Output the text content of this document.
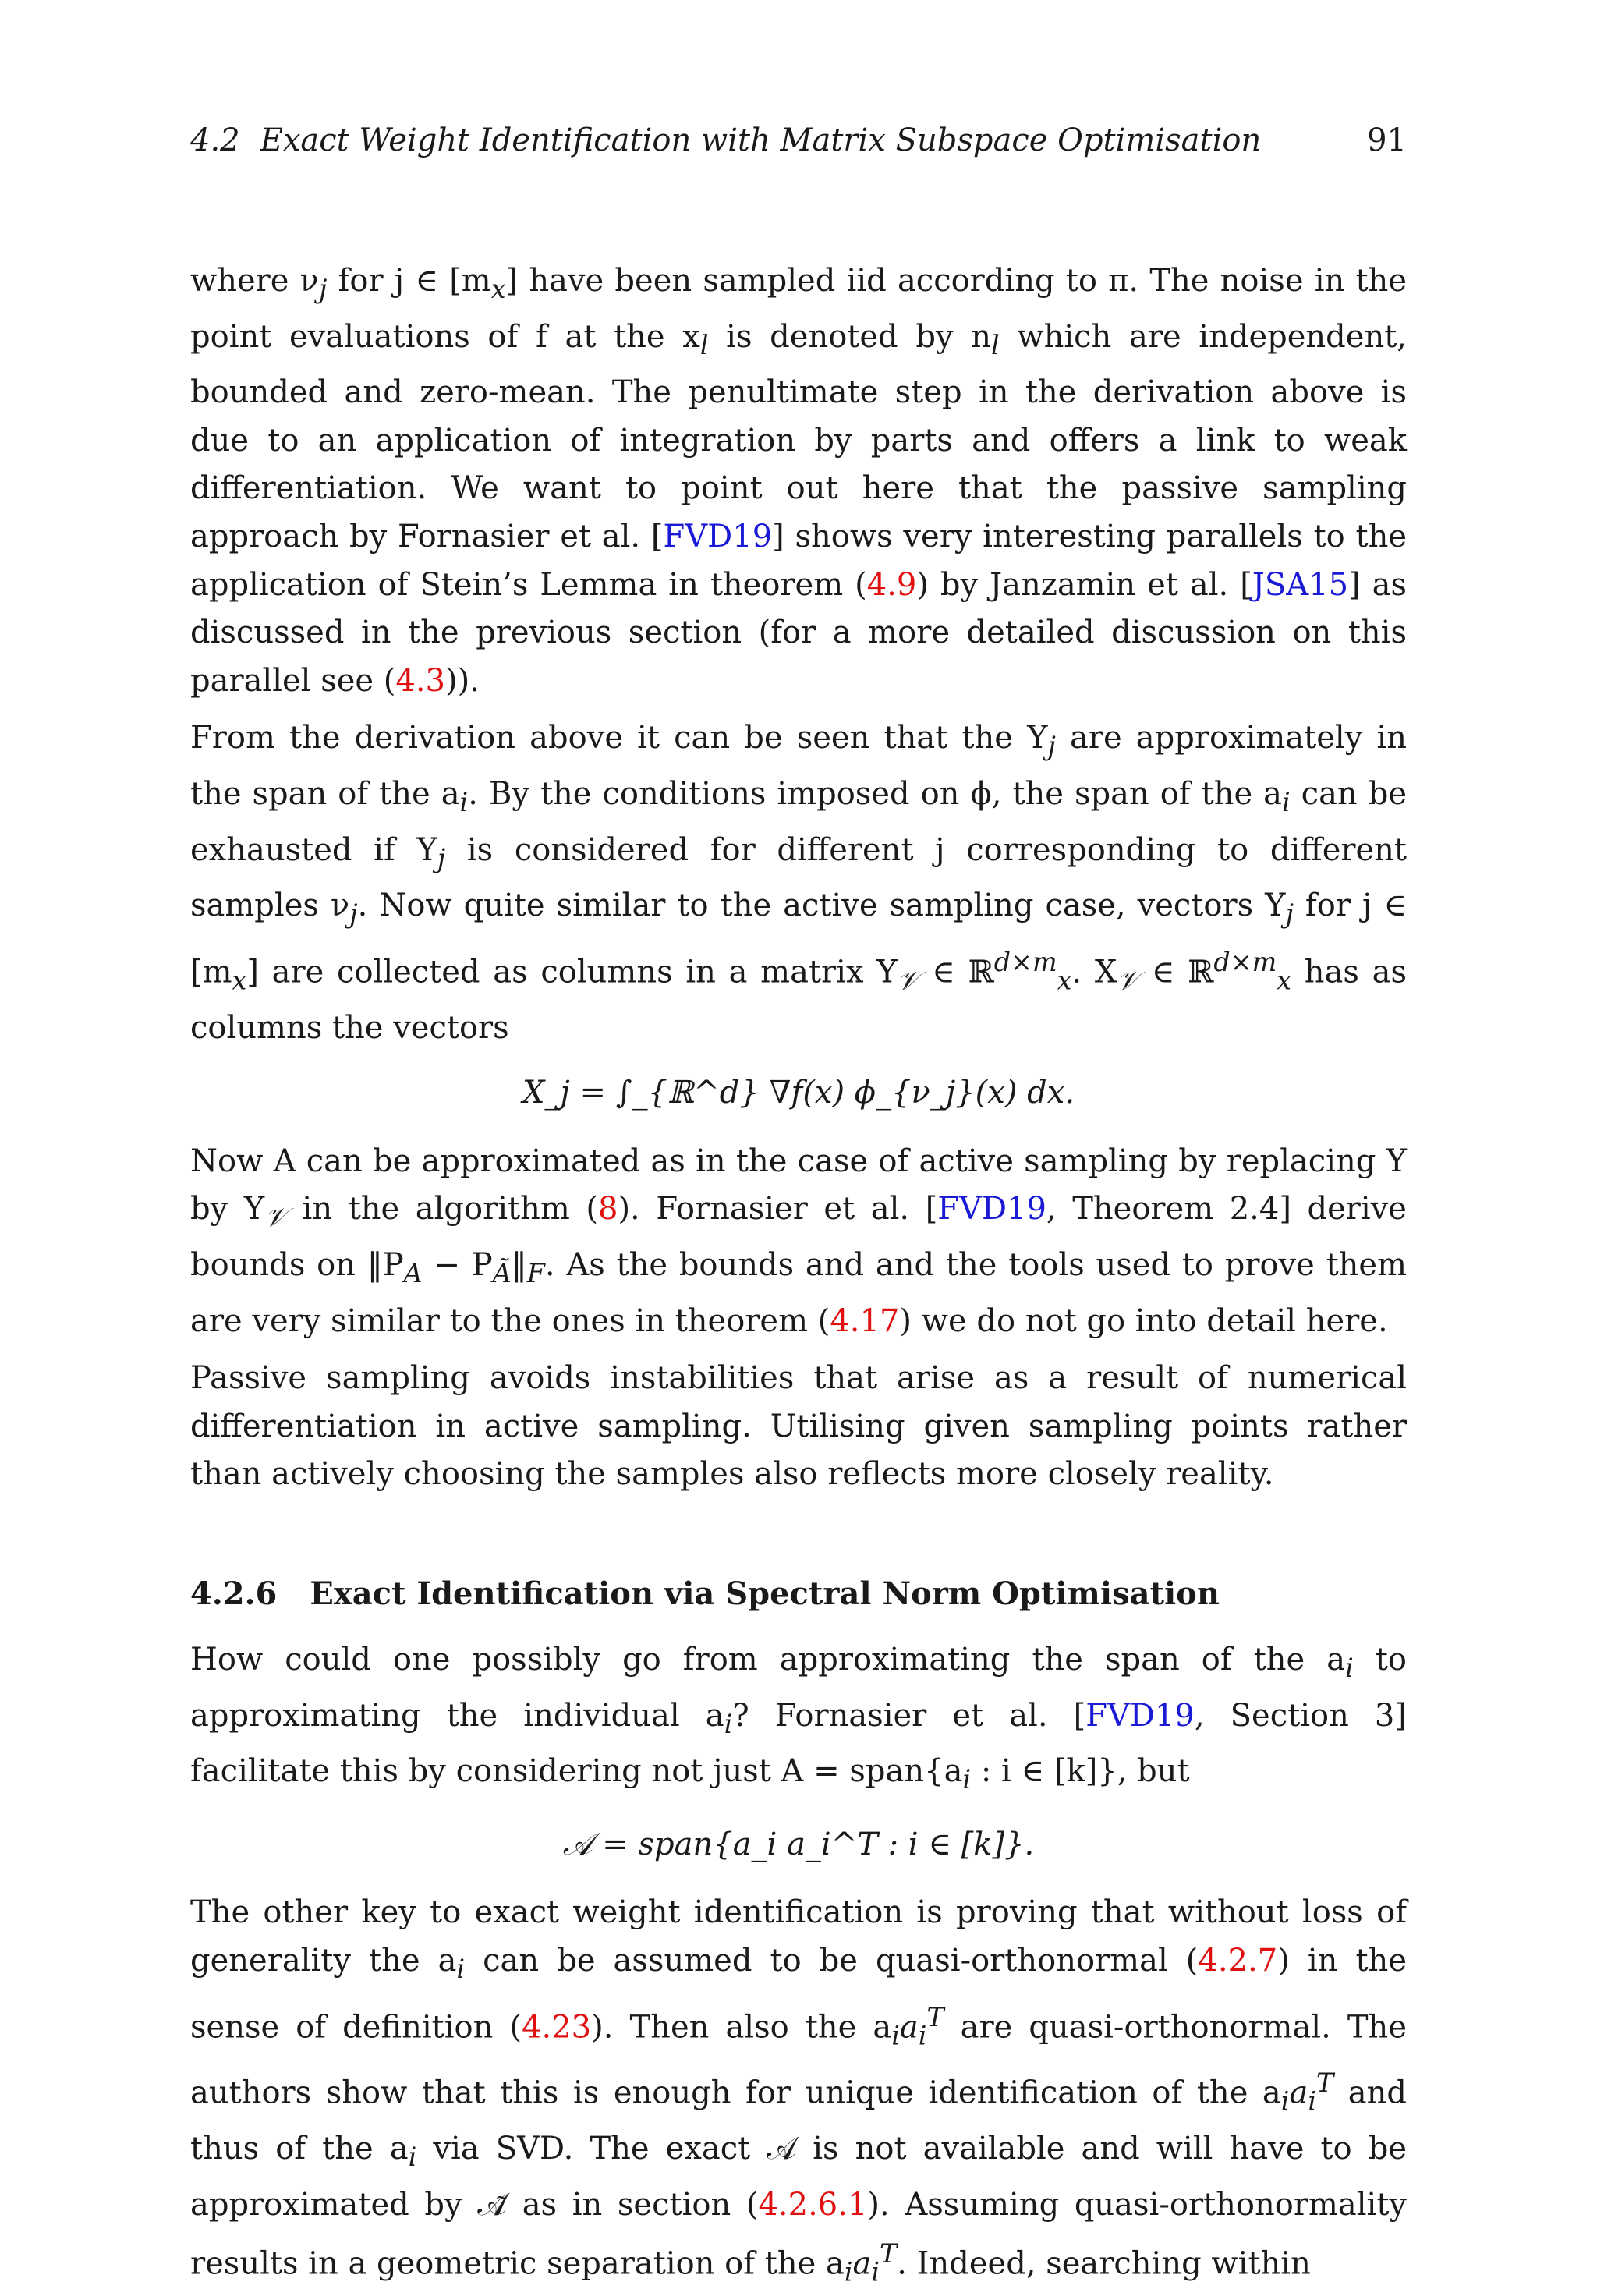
4.2 Exact Weight Identification with Matrix Subspace Optimisation	91

where $\nu_j$ for j ∈ $[m_x]$ have been sampled iid according to π. The noise in the point evaluations of f at the $x_l$ is denoted by $n_l$ which are independent, bounded and zero-mean. The penultimate step in the derivation above is due to an application of integration by parts and offers a link to weak differentiation. We want to point out here that the passive sampling approach by Fornasier et al. [FVD19] shows very interesting parallels to the application of Stein’s Lemma in theorem (4.9) by Janzamin et al. [JSA15] as discussed in the previous section (for a more detailed discussion on this parallel see (4.3)).

From the derivation above it can be seen that the $Y_j$ are approximately in the span of the $a_i$. By the conditions imposed on ϕ, the span of the $a_i$ can be exhausted if $Y_j$ is considered for different j corresponding to different samples $\nu_j$. Now quite similar to the active sampling case, vectors $Y_j$ for j ∈ $[m_x]$ are collected as columns in a matrix $Y_𝒱$ ∈ ℝ$^{d\times m}_x$. $X_𝒱$ ∈ ℝ$^{d\times m}_x$ has as columns the vectors

X_j = ∫_{ℝ^d} ∇f(x) ϕ_{ν_j}(x) dx.

Now A can be approximated as in the case of active sampling by replacing Y by $Y_𝒱$ in the algorithm (8). Fornasier et al. [FVD19, Theorem 2.4] derive bounds on $‖P_A$ − $P_Ã‖_F$. As the bounds and and the tools used to prove them are very similar to the ones in theorem (4.17) we do not go into detail here.

Passive sampling avoids instabilities that arise as a result of numerical differentiation in active sampling. Utilising given sampling points rather than actively choosing the samples also reflects more closely reality.

4.2.6 Exact Identification via Spectral Norm Optimisation

How could one possibly go from approximating the span of the $a_i$ to approximating the individual $a_i$? Fornasier et al. [FVD19, Section 3] facilitate this by considering not just $A = span\{a_i$ : i ∈ [k]}, but

𝒜 = span{a_i a_i^T : i ∈ [k]}.

The other key to exact weight identification is proving that without loss of generality the $a_i$ can be assumed to be quasi-orthonormal (4.2.7) in the sense of definition (4.23). Then also the $a_ia_i^T$ are quasi-orthonormal. The authors show that this is enough for unique identification of the $a_ia_i^T$ and thus of the $a_i$ via SVD. The exact 𝒜 is not available and will have to be approximated by 𝒜̃ as in section (4.2.6.1). Assuming quasi-orthonormality results in a geometric separation of the $a_ia_i^T$. Indeed, searching within
